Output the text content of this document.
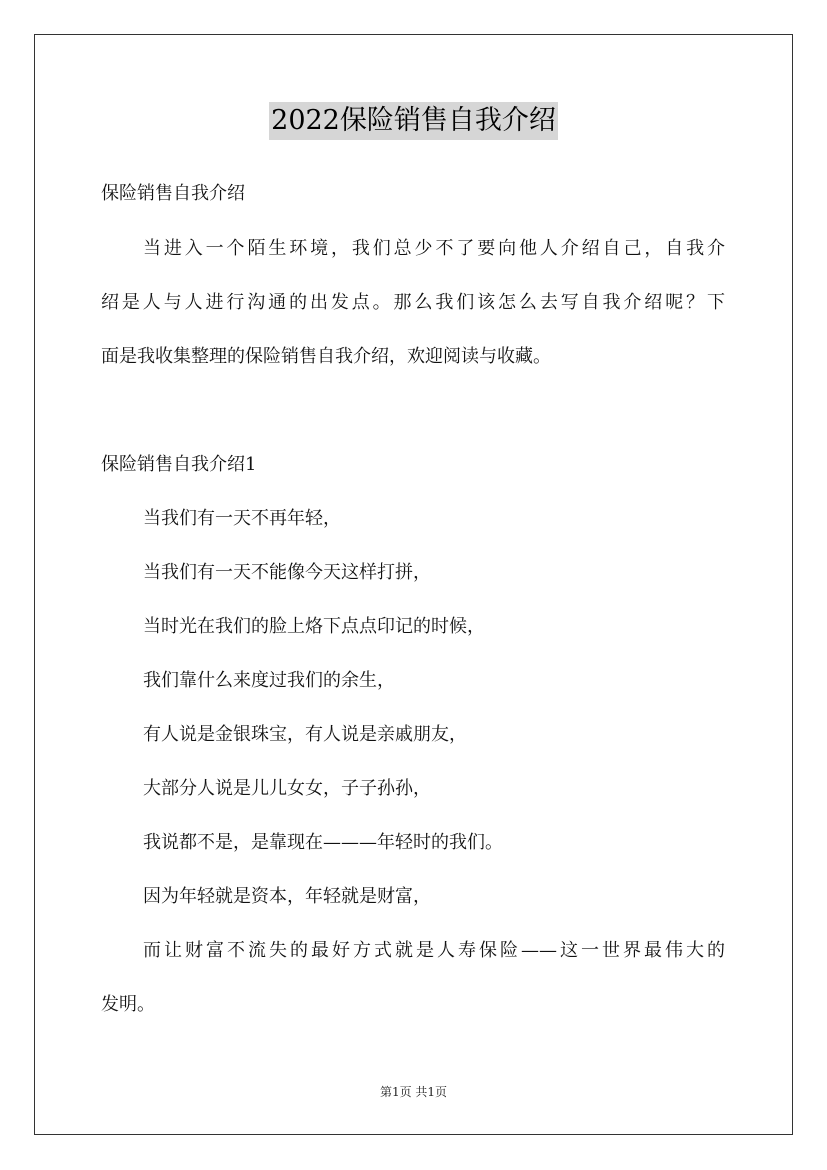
2022保险销售自我介绍
保险销售自我介绍
当进入一个陌生环境，我们总少不了要向他人介绍自己，自我介
绍是人与人进行沟通的出发点。那么我们该怎么去写自我介绍呢？下
面是我收集整理的保险销售自我介绍，欢迎阅读与收藏。
保险销售自我介绍1
当我们有一天不再年轻，
当我们有一天不能像今天这样打拼，
当时光在我们的脸上烙下点点印记的时候，
我们靠什么来度过我们的余生，
有人说是金银珠宝，有人说是亲戚朋友，
大部分人说是儿儿女女，子子孙孙，
我说都不是，是靠现在———年轻时的我们。
因为年轻就是资本，年轻就是财富，
而让财富不流失的最好方式就是人寿保险——这一世界最伟大的
发明。
第1页 共1页
